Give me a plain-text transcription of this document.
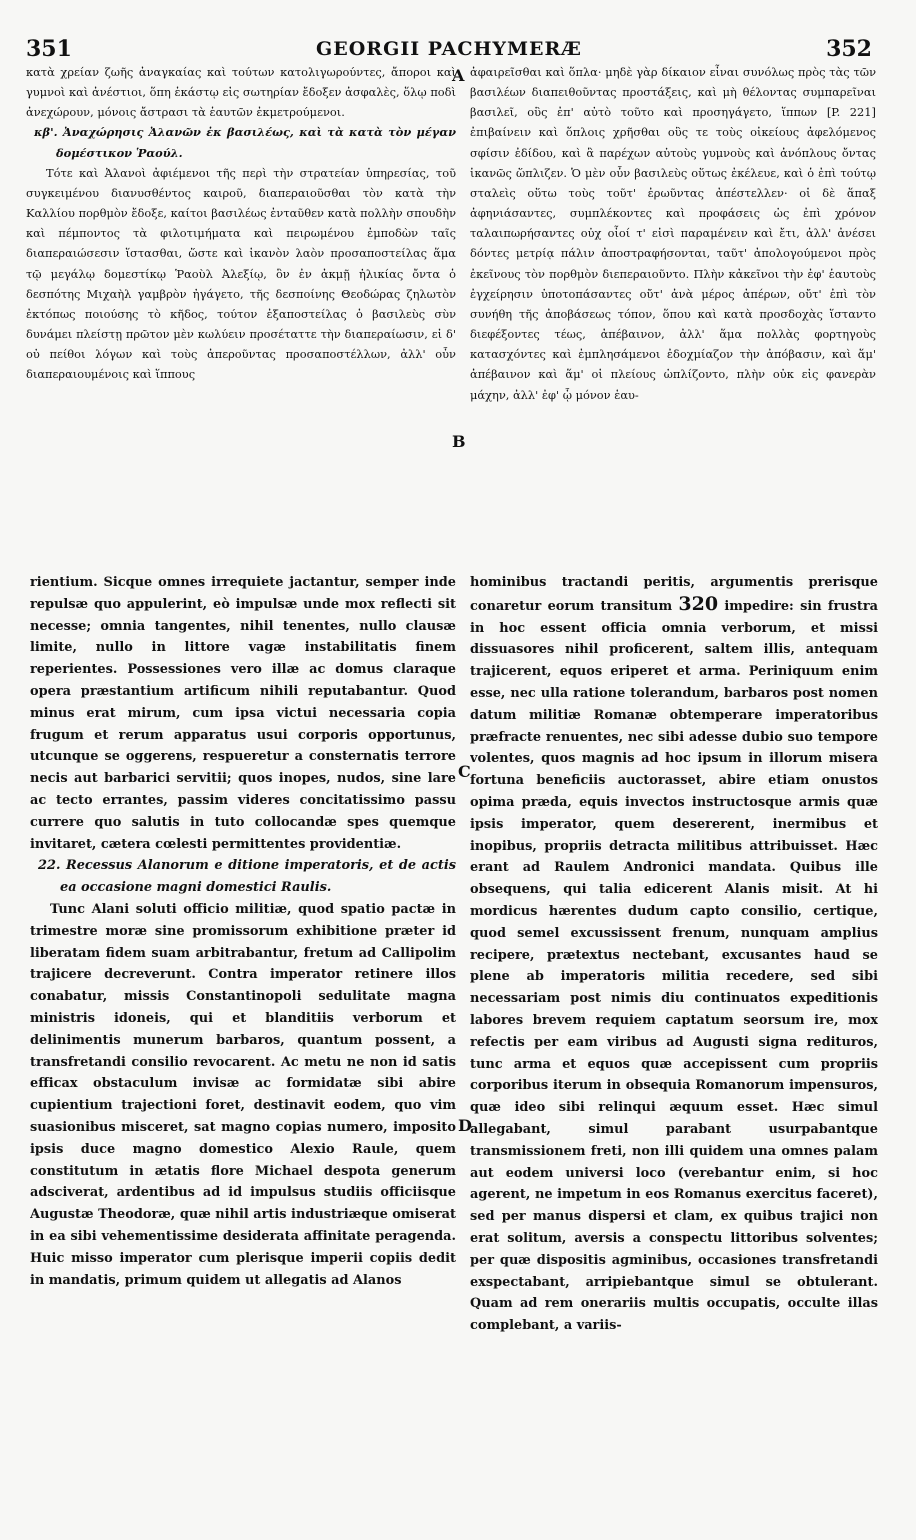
351	GEORGII PACHYMERÆ	352

κατὰ χρείαν ζωῆς ἀναγκαίας καὶ τούτων κατολιγωρούντες, ἄποροι καὶ γυμνοὶ καὶ ἀνέστιοι, ὅπη ἑκάστῳ εἰς σωτηρίαν ἔδοξεν ἀσφαλὲς, ὅλῳ ποδὶ ἀνεχώρουν, μόνοις ἄστρασι τὰ ἑαυτῶν ἐκμετρούμενοι.

κβ'. Ἀναχώρησις Ἀλανῶν ἐκ βασιλέως, καὶ τὰ κατὰ τὸν μέγαν δομέστικον Ῥαούλ.

Τότε καὶ Ἀλανοὶ ἀφιέμενοι τῆς περὶ τὴν στρατείαν ὑπηρεσίας, τοῦ συγκειμένου διανυσθέντος καιροῦ, διαπεραιοῦσθαι τὸν κατὰ τὴν Καλλίου πορθμὸν ἔδοξε, καίτοι βασιλέως ἐνταῦθεν κατὰ πολλὴν σπουδὴν καὶ πέμποντος τὰ φιλοτιμήματα καὶ πειρωμένου ἐμποδὼν ταῖς διαπεραιώσεσιν ἵστασθαι, ὥστε καὶ ἱκανὸν λαὸν προσαποστείλας ἅμα τῷ μεγάλῳ δομεστίκῳ Ῥαοὺλ Ἀλεξίῳ, ὃν ἐν ἀκμῇ ἡλικίας ὄντα ὁ δεσπότης Μιχαὴλ γαμβρὸν ἠγάγετο, τῆς δεσποίνης Θεοδώρας ζηλωτὸν ἐκτόπως ποιούσης τὸ κῆδος, τούτον ἐξαποστείλας ὁ βασιλεὺς σὺν δυνάμει πλείστῃ πρῶτον μὲν κωλύειν προσέταττε τὴν διαπεραίωσιν, εἰ δ' οὐ πείθοι λόγων καὶ τοὺς ἀπεροῦντας προσαποστέλλων, ἀλλ' οὖν διαπεραιουμένοις καὶ ἵππους

ἀφαιρεῖσθαι καὶ ὅπλα· μηδὲ γὰρ δίκαιον εἶναι συνόλως πρὸς τὰς τῶν βασιλέων διαπειθοῦντας προστάξεις, καὶ μὴ θέλοντας συμπαρεῖναι βασιλεῖ, οὓς ἐπ' αὐτὸ τοῦτο καὶ προσηγάγετο, ἵππων [P. 221] ἐπιβαίνειν καὶ ὅπλοις χρῆσθαι οὓς τε τοὺς οἰκείους ἀφελόμενος σφίσιν ἐδίδου, καὶ ἃ παρέχων αὐτοὺς γυμνοὺς καὶ ἀνόπλους ὄντας ἱκανῶς ὥπλιζεν. Ὁ μὲν οὖν βασιλεὺς οὕτως ἐκέλευε, καὶ ὁ ἐπὶ τούτῳ σταλεὶς οὕτω τοὺς τοῦτ' ἐρωῦντας ἀπέστελλεν· οἱ δὲ ἅπαξ ἀφηνιάσαντες, συμπλέκοντες καὶ προφάσεις ὡς ἐπὶ χρόνον ταλαιπωρήσαντες οὐχ οἷοί τ' εἰσὶ παραμένειν καὶ ἔτι, ἀλλ' ἀνέσει δόντες μετρίᾳ πάλιν ἀποστραφήσονται, ταῦτ' ἀπολογούμενοι πρὸς ἐκεῖνους τὸν πορθμὸν διεπεραιοῦντο. Πλὴν κἀκεῖνοι τὴν ἐφ' ἑαυτοὺς ἐγχείρησιν ὑποτοπάσαντες οὔτ' ἀνὰ μέρος ἀπέρων, οὔτ' ἐπὶ τὸν συνήθη τῆς ἀποβάσεως τόπον, ὅπου καὶ κατὰ προσδοχὰς ἵσταντο διεφέξοντες τέως, ἀπέβαινον, ἀλλ' ἅμα πολλὰς φορτηγοὺς κατασχόντες καὶ ἐμπλησάμενοι ἐδοχμίαζον τὴν ἀπόβασιν, καὶ ἅμ' ἀπέβαινον καὶ ἅμ' οἱ πλείους ὡπλίζοντο, πλὴν οὐκ εἰς φανερὰν μάχην, ἀλλ' ἐφ' ᾧ μόνον ἑαυ-

rientium. Sicque omnes irrequiete jactantur, semper inde repulsæ quo appulerint, eò impulsæ unde mox reflecti sit necesse; omnia tangentes, nihil tenentes, nullo clausæ limite, nullo in littore vagæ instabilitatis finem reperientes. Possessiones vero illæ ac domus claraque opera præstantium artificum nihili reputabantur. Quod minus erat mirum, cum ipsa victui necessaria copia frugum et rerum apparatus usui corporis opportunus, utcunque se oggerens, respueretur a consternatis terrore necis aut barbarici servitii; quos inopes, nudos, sine lare ac tecto errantes, passim videres concitatissimo passu currere quo salutis in tuto collocandæ spes quemque invitaret, cætera cœlesti permittentes providentiæ.

22. Recessus Alanorum e ditione imperatoris, et de actis ea occasione magni domestici Raulis.

Tunc Alani soluti officio militiæ, quod spatio pactæ in trimestre moræ sine promissorum exhibitione præter id liberatam fidem suam arbitrabantur, fretum ad Callipolim trajicere decreverunt. Contra imperator retinere illos conabatur, missis Constantinopoli sedulitate magna ministris idoneis, qui et blanditiis verborum et delinimentis munerum barbaros, quantum possent, a transfretandi consilio revocarent. Ac metu ne non id satis efficax obstaculum invisæ ac formidatæ sibi abire cupientium trajectioni foret, destinavit eodem, quo vim suasionibus misceret, sat magno copias numero, imposito ipsis duce magno domestico Alexio Raule, quem constitutum in ætatis flore Michael despota generum adsciverat, ardentibus ad id impulsus studiis officiisque Augustæ Theodoræ, quæ nihil artis industriæque omiserat in ea sibi vehementissime desiderata affinitate peragenda. Huic misso imperator cum plerisque imperii copiis dedit in mandatis, primum quidem ut allegatis ad Alanos

hominibus tractandi peritis, argumentis prerisque conaretur eorum transitum 320 impedire: sin frustra in hoc essent officia omnia verborum, et missi dissuasores nihil proficerent, saltem illis, antequam trajicerent, equos eriperet et arma. Periniquum enim esse, nec ulla ratione tolerandum, barbaros post nomen datum militiæ Romanæ obtemperare imperatoribus præfracte renuentes, nec sibi adesse dubio suo tempore volentes, quos magnis ad hoc ipsum in illorum misera fortuna beneficiis auctorasset, abire etiam onustos opima præda, equis invectos instructosque armis quæ ipsis imperator, quem desererent, inermibus et inopibus, propriis detracta militibus attribuisset. Hæc erant ad Raulem Andronici mandata. Quibus ille obsequens, qui talia edicerent Alanis misit. At hi mordicus hærentes dudum capto consilio, certique, quod semel excussissent frenum, nunquam amplius recipere, prætextus nectebant, excusantes haud se plene ab imperatoris militia recedere, sed sibi necessariam post nimis diu continuatos expeditionis labores brevem requiem captatum seorsum ire, mox refectis per eam viribus ad Augusti signa redituros, tunc arma et equos quæ accepissent cum propriis corporibus iterum in obsequia Romanorum impensuros, quæ ideo sibi relinqui æquum esset. Hæc simul allegabant, simul parabant usurpabantque transmissionem freti, non illi quidem una omnes palam aut eodem universi loco (verebantur enim, si hoc agerent, ne impetum in eos Romanus exercitus faceret), sed per manus dispersi et clam, ex quibus trajici non erat solitum, aversis a conspectu littoribus solventes; per quæ dispositis agminibus, occasiones transfretandi exspectabant, arripiebantque simul se obtulerant. Quam ad rem onerariis multis occupatis, occulte illas complebant, a variis-

A
B
C
D
